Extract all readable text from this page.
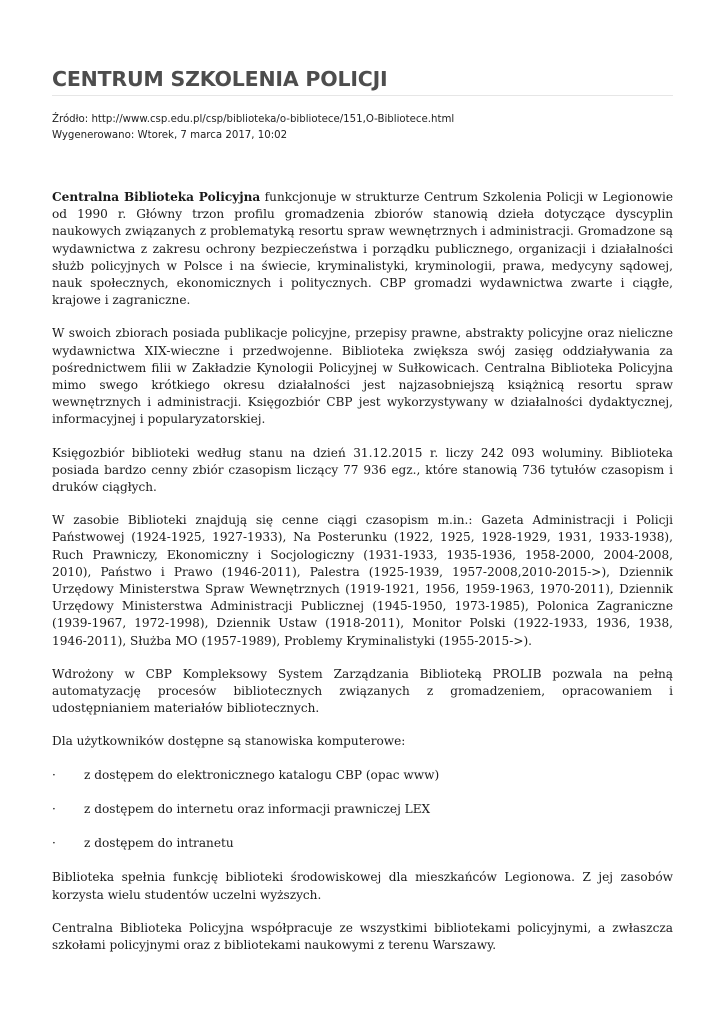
CENTRUM SZKOLENIA POLICJI
Źródło: http://www.csp.edu.pl/csp/biblioteka/o-bibliotece/151,O-Bibliotece.html
Wygenerowano: Wtorek, 7 marca 2017, 10:02

Centralna Biblioteka Policyjna funkcjonuje w strukturze Centrum Szkolenia Policji w Legionowie od 1990 r. Główny trzon profilu gromadzenia zbiorów stanowią dzieła dotyczące dyscyplin naukowych związanych z problematyką resortu spraw wewnętrznych i administracji. Gromadzone są wydawnictwa z zakresu ochrony bezpieczeństwa i porządku publicznego, organizacji i działalności służb policyjnych w Polsce i na świecie, kryminalistyki, kryminologii, prawa, medycyny sądowej, nauk społecznych, ekonomicznych i politycznych. CBP gromadzi wydawnictwa zwarte i ciągłe, krajowe i zagraniczne.

W swoich zbiorach posiada publikacje policyjne, przepisy prawne, abstrakty policyjne oraz nieliczne wydawnictwa XIX-wieczne i przedwojenne. Biblioteka zwiększa swój zasięg oddziaływania za pośrednictwem filii w Zakładzie Kynologii Policyjnej w Sułkowicach. Centralna Biblioteka Policyjna mimo swego krótkiego okresu działalności jest najzasobniejszą książnicą resortu spraw wewnętrznych i administracji. Księgozbiór CBP jest wykorzystywany w działalności dydaktycznej, informacyjnej i popularyzatorskiej.

Księgozbiór biblioteki według stanu na dzień 31.12.2015 r. liczy 242 093 woluminy. Biblioteka posiada bardzo cenny zbiór czasopism liczący 77 936 egz., które stanowią 736 tytułów czasopism i druków ciągłych.

W zasobie Biblioteki znajdują się cenne ciągi czasopism m.in.: Gazeta Administracji i Policji Państwowej (1924-1925, 1927-1933), Na Posterunku (1922, 1925, 1928-1929, 1931, 1933-1938), Ruch Prawniczy, Ekonomiczny i Socjologiczny (1931-1933, 1935-1936, 1958-2000, 2004-2008, 2010), Państwo i Prawo (1946-2011), Palestra (1925-1939, 1957-2008,2010-2015->), Dziennik Urzędowy Ministerstwa Spraw Wewnętrznych (1919-1921, 1956, 1959-1963, 1970-2011), Dziennik Urzędowy Ministerstwa Administracji Publicznej (1945-1950, 1973-1985), Polonica Zagraniczne (1939-1967, 1972-1998), Dziennik Ustaw (1918-2011), Monitor Polski (1922-1933, 1936, 1938, 1946-2011), Służba MO (1957-1989), Problemy Kryminalistyki (1955-2015->).

Wdrożony w CBP Kompleksowy System Zarządzania Biblioteką PROLIB pozwala na pełną automatyzację procesów bibliotecznych związanych z gromadzeniem, opracowaniem i udostępnianiem materiałów bibliotecznych.

Dla użytkowników dostępne są stanowiska komputerowe:

·	z dostępem do elektronicznego katalogu CBP (opac www)
·	z dostępem do internetu oraz informacji prawniczej LEX
·	z dostępem do intranetu

Biblioteka spełnia funkcję biblioteki środowiskowej dla mieszkańców Legionowa. Z jej zasobów korzysta wielu studentów uczelni wyższych.

Centralna Biblioteka Policyjna współpracuje ze wszystkimi bibliotekami policyjnymi, a zwłaszcza szkołami policyjnymi oraz z bibliotekami naukowymi z terenu Warszawy.
